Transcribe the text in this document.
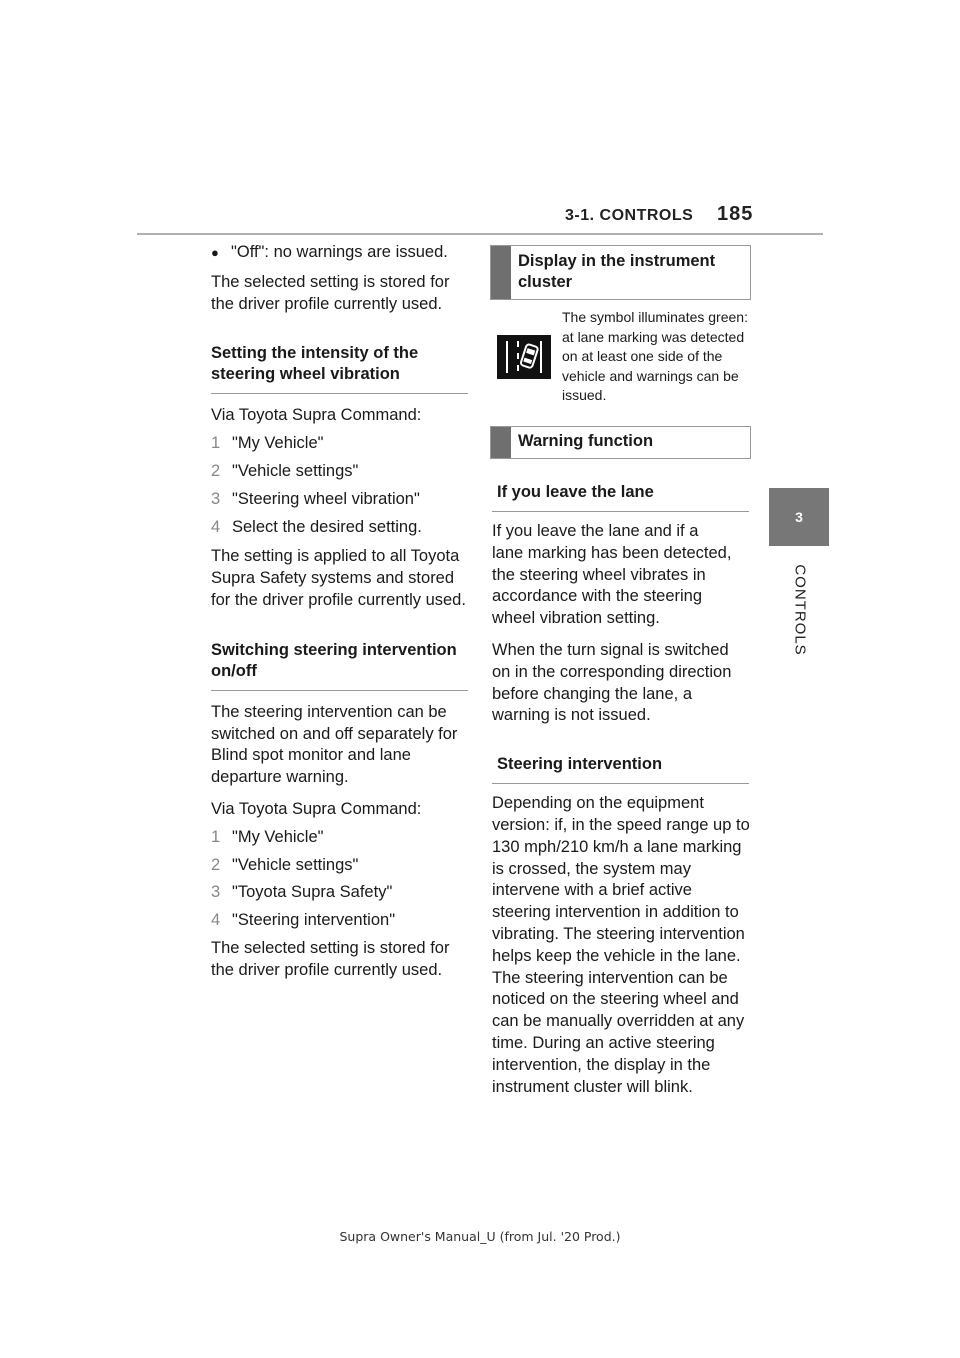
3-1. CONTROLS 185
3
CONTROLS
● "Off": no warnings are issued.

The selected setting is stored for the driver profile currently used.

Setting the intensity of the steering wheel vibration
Via Toyota Supra Command:
1 "My Vehicle"
2 "Vehicle settings"
3 "Steering wheel vibration"
4 Select the desired setting.

The setting is applied to all Toyota Supra Safety systems and stored for the driver profile currently used.

Switching steering intervention on/off

The steering intervention can be switched on and off separately for Blind spot monitor and lane departure warning.

Via Toyota Supra Command:
1 "My Vehicle"
2 "Vehicle settings"
3 "Toyota Supra Safety"
4 "Steering intervention"

The selected setting is stored for the driver profile currently used.

Display in the instrument cluster
The symbol illuminates green: at lane marking was detected on at least one side of the vehicle and warnings can be issued.
Warning function
If you leave the lane

If you leave the lane and if a lane marking has been detected, the steering wheel vibrates in accordance with the steering wheel vibration setting.

When the turn signal is switched on in the corresponding direction before changing the lane, a warning is not issued.

Steering intervention

Depending on the equipment version: if, in the speed range up to 130 mph/210 km/h a lane marking is crossed, the system may intervene with a brief active steering intervention in addition to vibrating. The steering intervention helps keep the vehicle in the lane. The steering intervention can be noticed on the steering wheel and can be manually overridden at any time. During an active steering intervention, the display in the instrument cluster will blink.

Supra Owner's Manual_U (from Jul. '20 Prod.)
